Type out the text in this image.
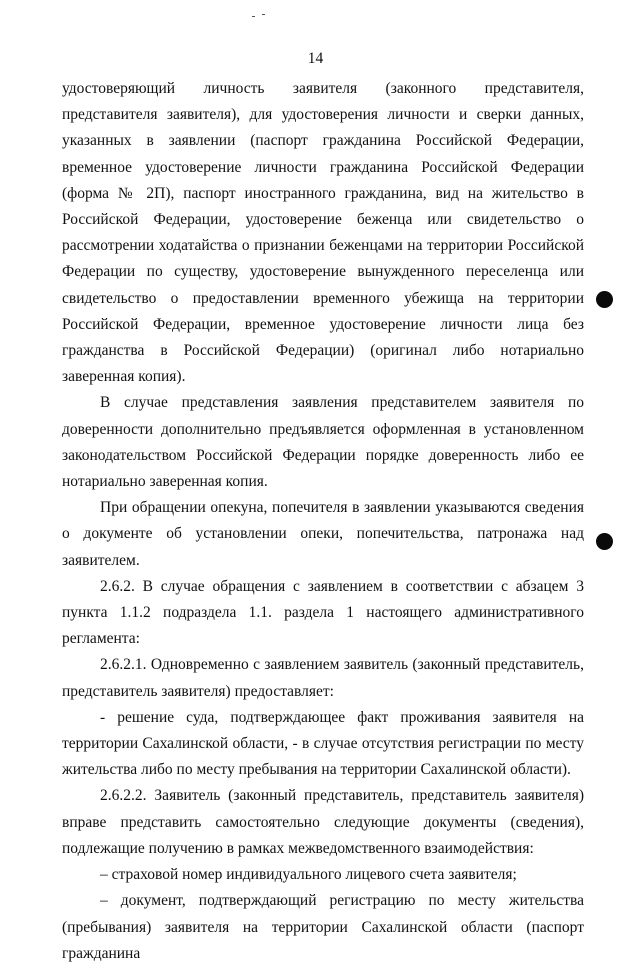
14

удостоверяющий личность заявителя (законного представителя, представителя заявителя), для удостоверения личности и сверки данных, указанных в заявлении (паспорт гражданина Российской Федерации, временное удостоверение личности гражданина Российской Федерации (форма № 2П), паспорт иностранного гражданина, вид на жительство в Российской Федерации, удостоверение беженца или свидетельство о рассмотрении ходатайства о признании беженцами на территории Российской Федерации по существу, удостоверение вынужденного переселенца или свидетельство о предоставлении временного убежища на территории Российской Федерации, временное удостоверение личности лица без гражданства в Российской Федерации) (оригинал либо нотариально заверенная копия).

В случае представления заявления представителем заявителя по доверенности дополнительно предъявляется оформленная в установленном законодательством Российской Федерации порядке доверенность либо ее нотариально заверенная копия.

При обращении опекуна, попечителя в заявлении указываются сведения о документе об установлении опеки, попечительства, патронажа над заявителем.

2.6.2. В случае обращения с заявлением в соответствии с абзацем 3 пункта 1.1.2 подраздела 1.1. раздела 1 настоящего административного регламента:

2.6.2.1. Одновременно с заявлением заявитель (законный представитель, представитель заявителя) предоставляет:

- решение суда, подтверждающее факт проживания заявителя на территории Сахалинской области, - в случае отсутствия регистрации по месту жительства либо по месту пребывания на территории Сахалинской области).

2.6.2.2. Заявитель (законный представитель, представитель заявителя) вправе представить самостоятельно следующие документы (сведения), подлежащие получению в рамках межведомственного взаимодействия:

– страховой номер индивидуального лицевого счета заявителя;

– документ, подтверждающий регистрацию по месту жительства (пребывания) заявителя на территории Сахалинской области (паспорт гражданина
